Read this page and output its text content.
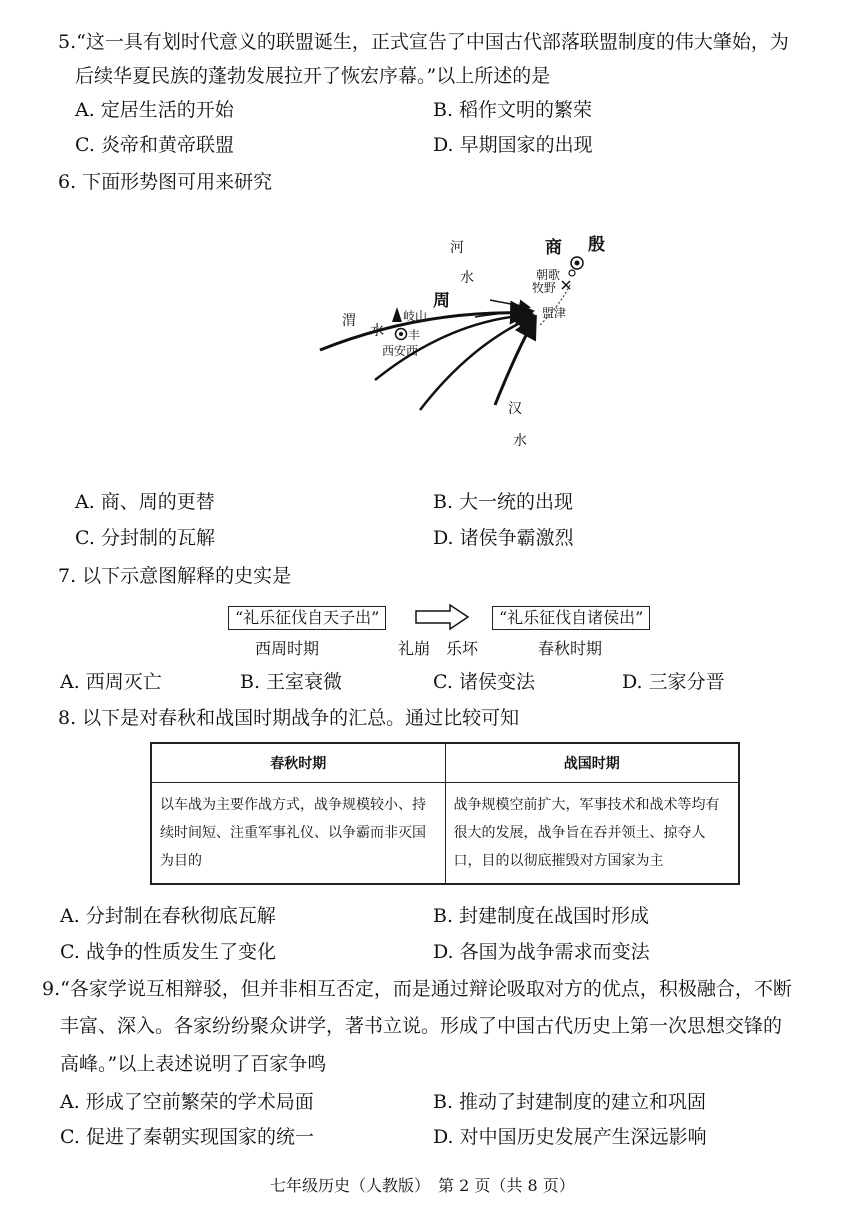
5.“这一具有划时代意义的联盟诞生，正式宣告了中国古代部落联盟制度的伟大肇始，为
后续华夏民族的蓬勃发展拉开了恢宏序幕。”以上所述的是
A. 定居生活的开始	B. 稻作文明的繁荣
C. 炎帝和黄帝联盟	D. 早期国家的出现
6. 下面形势图可用来研究
河
水
商 殷
朝歌
牧野
盟津
周
岐山
丰
西安西
渭
水
汉
水
A. 商、周的更替	B. 大一统的出现
C. 分封制的瓦解	D. 诸侯争霸激烈
7. 以下示意图解释的史实是
“礼乐征伐自天子出”	“礼乐征伐自诸侯出”
西周时期	礼崩　乐坏	春秋时期
A. 西周灭亡	B. 王室衰微	C. 诸侯变法	D. 三家分晋
8. 以下是对春秋和战国时期战争的汇总。通过比较可知
春秋时期	战国时期
以车战为主要作战方式，战争规模较小、持续时间短、注重军事礼仪、以争霸而非灭国为目的	战争规模空前扩大，军事技术和战术等均有很大的发展，战争旨在吞并领土、掠夺人口，目的以彻底摧毁对方国家为主
A. 分封制在春秋彻底瓦解	B. 封建制度在战国时形成
C. 战争的性质发生了变化	D. 各国为战争需求而变法
9.“各家学说互相辩驳，但并非相互否定，而是通过辩论吸取对方的优点，积极融合，不断
丰富、深入。各家纷纷聚众讲学，著书立说。形成了中国古代历史上第一次思想交锋的
高峰。”以上表述说明了百家争鸣
A. 形成了空前繁荣的学术局面	B. 推动了封建制度的建立和巩固
C. 促进了秦朝实现国家的统一	D. 对中国历史发展产生深远影响
七年级历史（人教版）　第 2 页（共 8 页）
